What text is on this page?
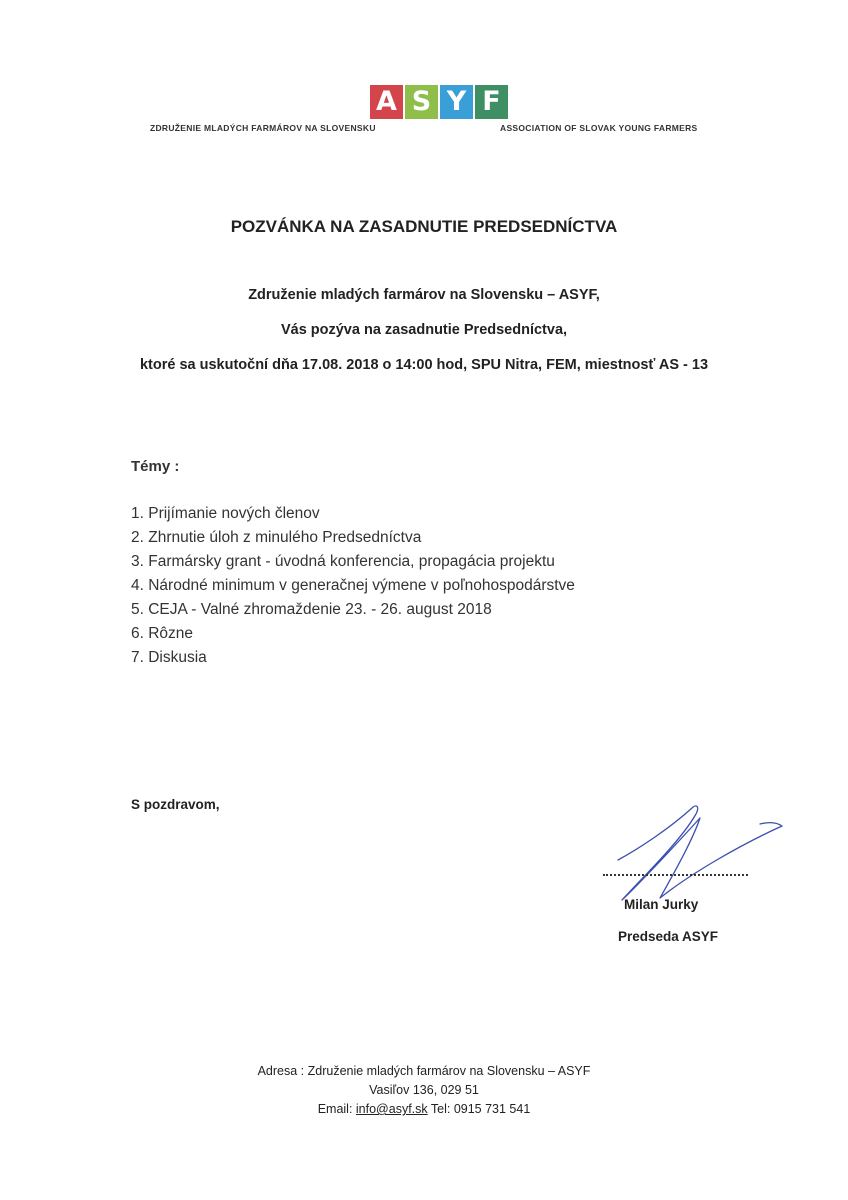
A S Y F
ZDRUŽENIE MLADÝCH FARMÁROV NA SLOVENSKU	ASSOCIATION OF SLOVAK YOUNG FARMERS
POZVÁNKA NA ZASADNUTIE PREDSEDNÍCTVA
Združenie mladých farmárov na Slovensku – ASYF,
Vás pozýva na zasadnutie Predsedníctva,
ktoré sa uskutoční dňa 17.08. 2018 o 14:00 hod, SPU Nitra, FEM, miestnosť AS - 13
Témy :
1. Prijímanie nových členov
2. Zhrnutie úloh z minulého Predsedníctva
3. Farmársky grant - úvodná konferencia, propagácia projektu
4. Národné minimum v generačnej výmene v poľnohospodárstve
5. CEJA - Valné zhromaždenie 23. - 26. august 2018
6. Rôzne
7. Diskusia
S pozdravom,
Milan Jurky
Predseda ASYF
Adresa : Združenie mladých farmárov na Slovensku – ASYF
Vasiľov 136, 029 51
Email: info@asyf.sk Tel: 0915 731 541
